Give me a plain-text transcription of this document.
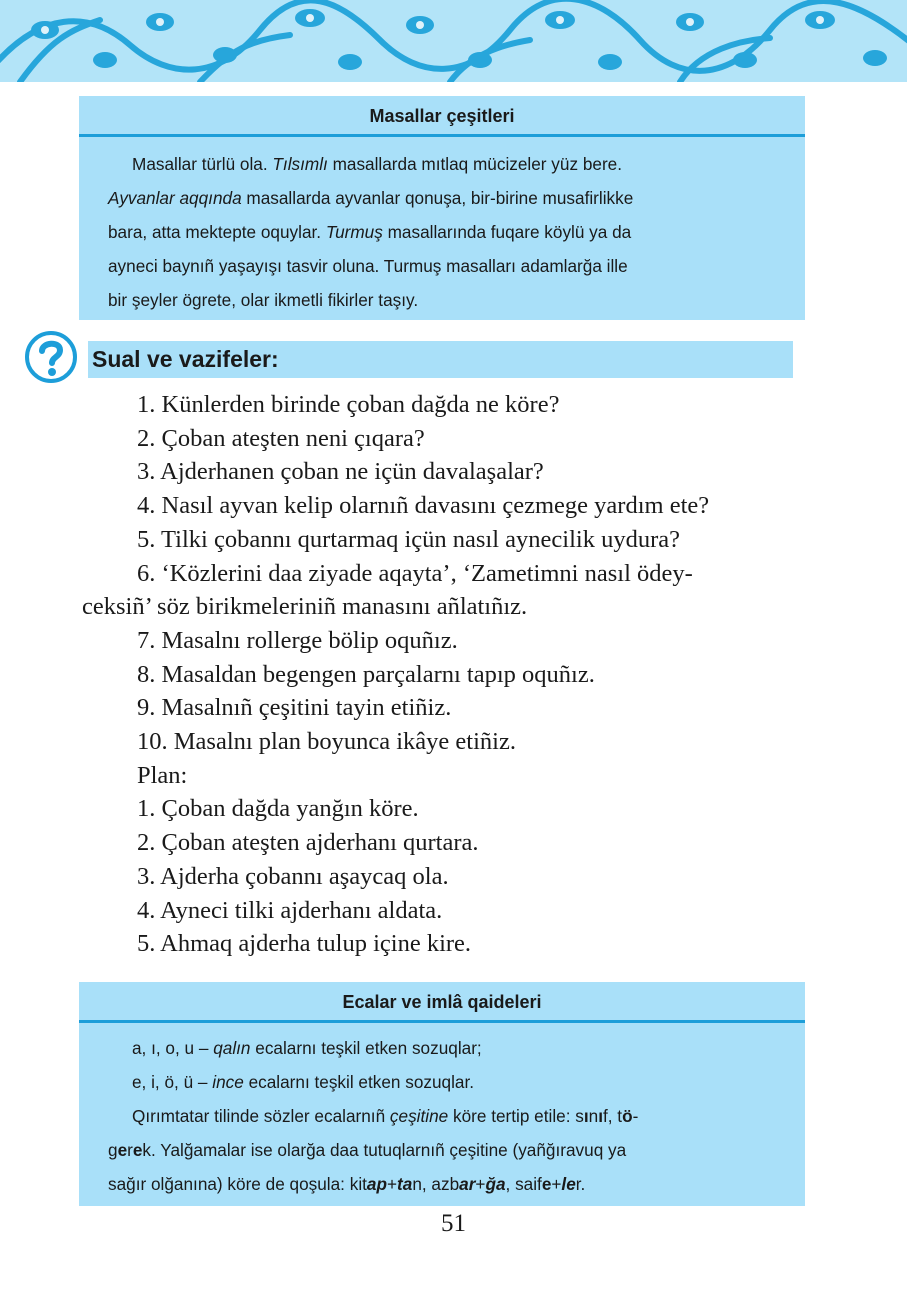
Masallar çeşitleri
Masallar türlü ola. Tılsımlı masallarda mıtlaq mücizeler yüz bere.
Ayvanlar aqqında masallarda ayvanlar qonuşa, bir-birine musafirlikke
bara, atta mektepte oquylar. Turmuş masallarında fuqare köylü ya da
ayneci baynıñ yaşayışı tasvir oluna. Turmuş masalları adamlarğa ille
bir şeyler ögrete, olar ikmetli fikirler taşıy.
Sual ve vazifeler:
1. Künlerden birinde çoban dağda ne köre?
2. Çoban ateşten neni çıqara?
3. Ajderhanen çoban ne içün davalaşalar?
4. Nasıl ayvan kelip olarnıñ davasını çezmege yardım ete?
5. Tilki çobannı qurtarmaq içün nasıl aynecilik uydura?
6. ‘Közlerini daa ziyade aqayta’, ‘Zametimni nasıl ödey-
ceksiñ’ söz birikmeleriniñ manasını añlatıñız.
7. Masalnı rollerge bölip oquñız.
8. Masaldan begengen parçalarnı tapıp oquñız.
9. Masalnıñ çeşitini tayin etiñiz.
10. Masalnı plan boyunca ikâye etiñiz.
Plan:
1. Çoban dağda yanğın köre.
2. Çoban ateşten ajderhanı qurtara.
3. Ajderha çobannı aşaycaq ola.
4. Ayneci tilki ajderhanı aldata.
5. Ahmaq ajderha tulup içine kire.
Ecalar ve imlâ qaideleri
a, ı, o, u – qalın ecalarnı teşkil etken sozuqlar;
e, i, ö, ü – ince ecalarnı teşkil etken sozuqlar.
Qırımtatar tilinde sözler ecalarnıñ çeşitine köre tertip etile: sınıf, tö-
gerek. Yalğamalar ise olarğa daa tutuqlarnıñ çeşitine (yañğıravuq ya
sağır olğanına) köre de qoşula: kitap+tan, azbar+ğa, saife+ler.
51
